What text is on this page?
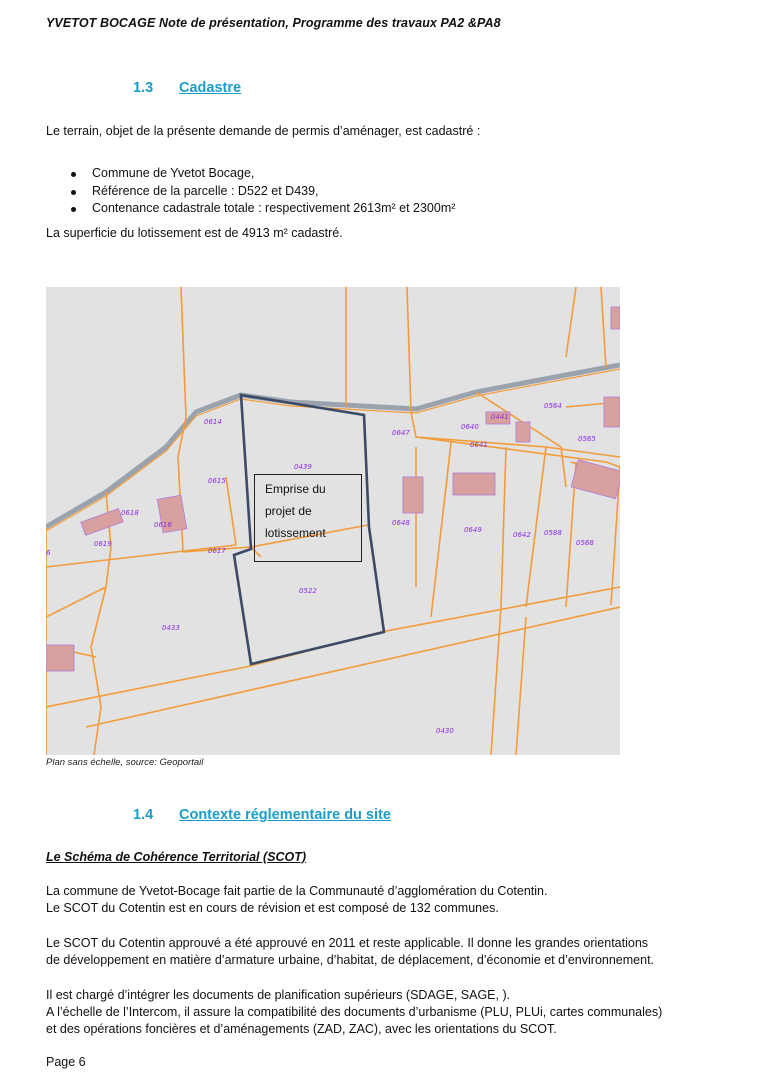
YVETOT BOCAGE Note de présentation, Programme des travaux PA2 &PA8
1.3 Cadastre
Le terrain, objet de la présente demande de permis d’aménager, est cadastré :
Commune de Yvetot Bocage,
Référence de la parcelle : D522 et D439,
Contenance cadastrale totale : respectivement 2613m² et 2300m²
La superficie du lotissement est de 4913 m² cadastré.
0614
0439
0647
0640
0641
0441
0564
0565
0615
0618
0619
0616
0617
0648
0649
0642 0588
0568
0522
0433
0430
6
Emprise du
projet de
lotissement
Plan sans échelle, source: Geoportail
1.4 Contexte réglementaire du site
Le Schéma de Cohérence Territorial (SCOT)
La commune de Yvetot-Bocage fait partie de la Communauté d’agglomération du Cotentin.
Le SCOT du Cotentin est en cours de révision et est composé de 132 communes.
Le SCOT du Cotentin approuvé a été approuvé en 2011 et reste applicable. Il donne les grandes orientations
de développement en matière d’armature urbaine, d’habitat, de déplacement, d’économie et d’environnement.
Il est chargé d’intégrer les documents de planification supérieurs (SDAGE, SAGE, ).
A l’échelle de l’Intercom, il assure la compatibilité des documents d’urbanisme (PLU, PLUi, cartes communales)
et des opérations foncières et d’aménagements (ZAD, ZAC), avec les orientations du SCOT.
Page 6
